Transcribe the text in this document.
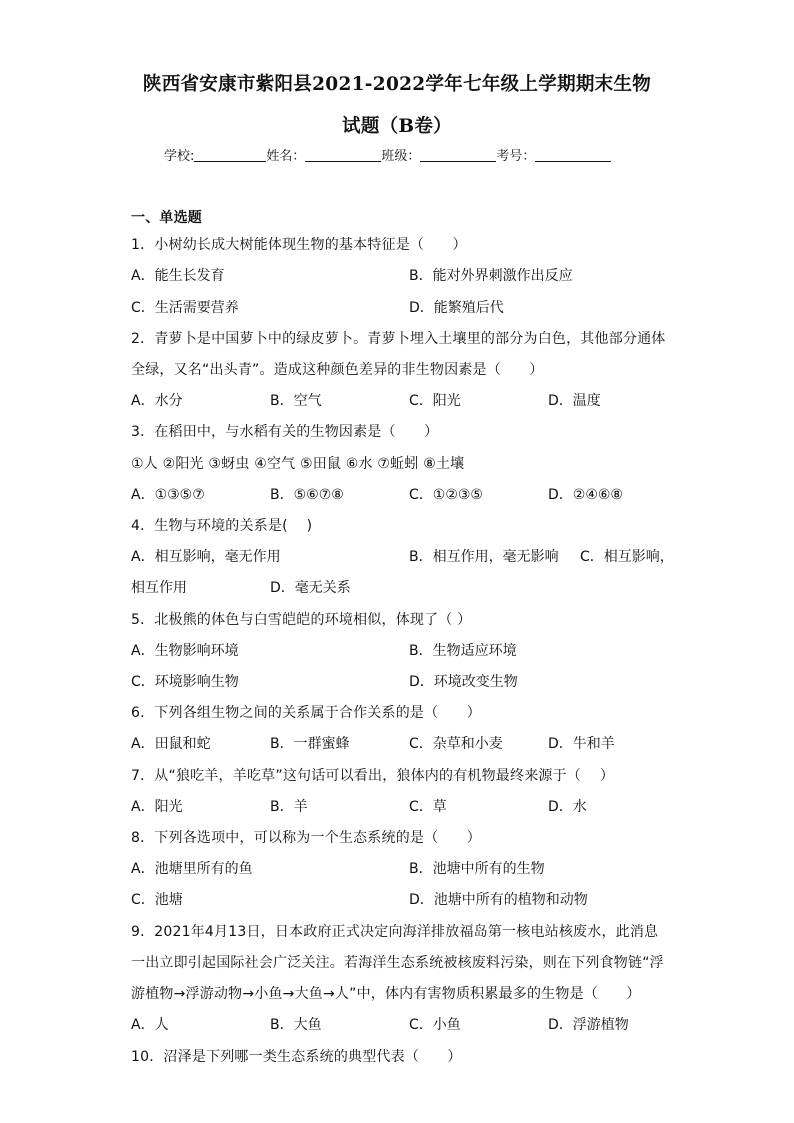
陕西省安康市紫阳县2021-2022学年七年级上学期期末生物
试题（B卷）
学校:	姓名：	班级：	考号：
一、单选题
1．小树幼长成大树能体现生物的基本特征是（　　）
A．能生长发育	B．能对外界刺激作出反应
C．生活需要营养	D．能繁殖后代
2．青萝卜是中国萝卜中的绿皮萝卜。青萝卜埋入土壤里的部分为白色，其他部分通体
全绿，又名“出头青”。造成这种颜色差异的非生物因素是（　　）
A．水分	B．空气	C．阳光	D．温度
3．在稻田中，与水稻有关的生物因素是（　　）
①人 ②阳光 ③蚜虫 ④空气 ⑤田鼠 ⑥水 ⑦蚯蚓 ⑧土壤
A．①③⑤⑦	B．⑤⑥⑦⑧	C．①②③⑤	D．②④⑥⑧
4．生物与环境的关系是(　 )
A．相互影响，毫无作用	B．相互作用，毫无影响 C．相互影响，
相互作用	D．毫无关系
5．北极熊的体色与白雪皑皑的环境相似，体现了（ ）
A．生物影响环境	B．生物适应环境
C．环境影响生物	D．环境改变生物
6．下列各组生物之间的关系属于合作关系的是（　　）
A．田鼠和蛇	B．一群蜜蜂	C．杂草和小麦	D．牛和羊
7．从“狼吃羊，羊吃草”这句话可以看出，狼体内的有机物最终来源于（　 ）
A．阳光	B．羊	C．草	D．水
8．下列各选项中，可以称为一个生态系统的是（　　）
A．池塘里所有的鱼	B．池塘中所有的生物
C．池塘	D．池塘中所有的植物和动物
9．2021年4月13日，日本政府正式决定向海洋排放福岛第一核电站核废水，此消息
一出立即引起国际社会广泛关注。若海洋生态系统被核废料污染，则在下列食物链“浮
游植物→浮游动物→小鱼→大鱼→人”中，体内有害物质积累最多的生物是（　　）
A．人	B．大鱼	C．小鱼	D．浮游植物
10．沼泽是下列哪一类生态系统的典型代表（　　）
